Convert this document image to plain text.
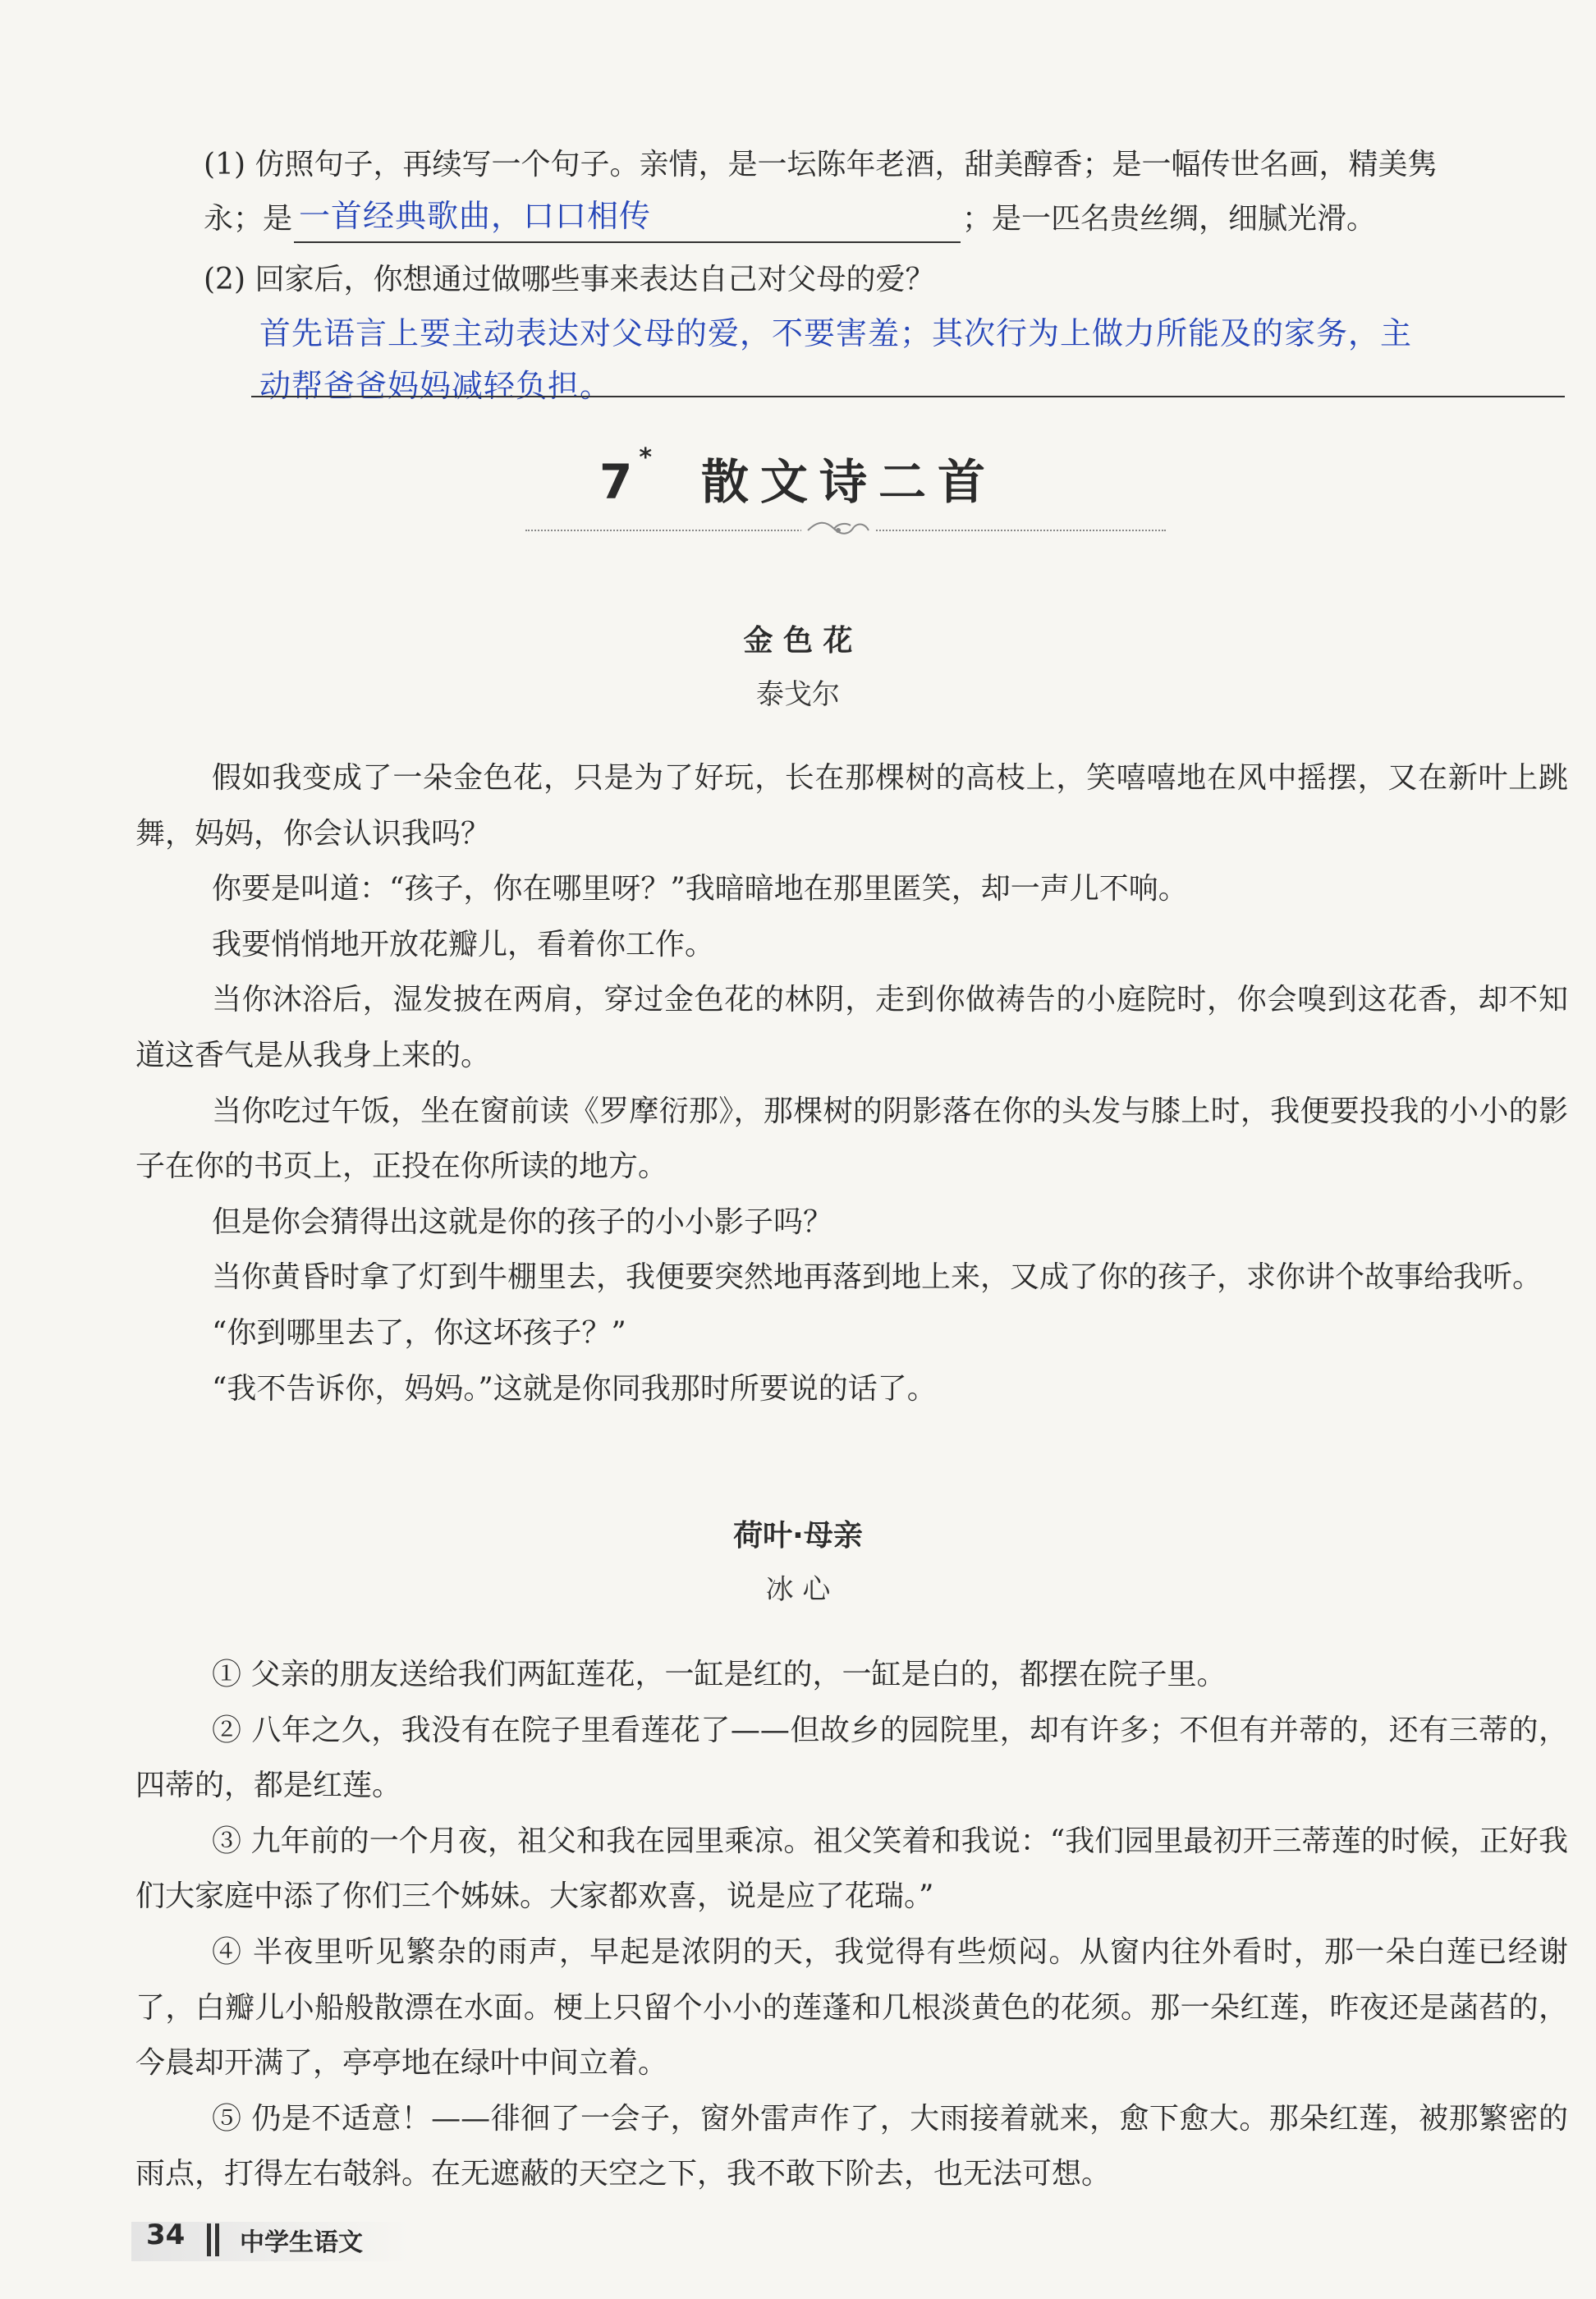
(1) 仿照句子，再续写一个句子。亲情，是一坛陈年老酒，甜美醇香；是一幅传世名画，精美隽
永；是 一首经典歌曲，口口相传	；是一匹名贵丝绸，细腻光滑。
(2) 回家后，你想通过做哪些事来表达自己对父母的爱？
首先语言上要主动表达对父母的爱，不要害羞；其次行为上做力所能及的家务，主
动帮爸爸妈妈减轻负担。
7* 散文诗二首
金 色 花
泰戈尔

假如我变成了一朵金色花，只是为了好玩，长在那棵树的高枝上，笑嘻嘻地在风中摇摆，又在新叶上跳舞，妈妈，你会认识我吗？

你要是叫道：“孩子，你在哪里呀？”我暗暗地在那里匿笑，却一声儿不响。

我要悄悄地开放花瓣儿，看着你工作。

当你沐浴后，湿发披在两肩，穿过金色花的林阴，走到你做祷告的小庭院时，你会嗅到这花香，却不知道这香气是从我身上来的。

当你吃过午饭，坐在窗前读《罗摩衍那》，那棵树的阴影落在你的头发与膝上时，我便要投我的小小的影子在你的书页上，正投在你所读的地方。

但是你会猜得出这就是你的孩子的小小影子吗？

当你黄昏时拿了灯到牛棚里去，我便要突然地再落到地上来，又成了你的孩子，求你讲个故事给我听。

“你到哪里去了，你这坏孩子？”

“我不告诉你，妈妈。”这就是你同我那时所要说的话了。

荷叶·母亲
冰 心

① 父亲的朋友送给我们两缸莲花，一缸是红的，一缸是白的，都摆在院子里。

② 八年之久，我没有在院子里看莲花了——但故乡的园院里，却有许多；不但有并蒂的，还有三蒂的，四蒂的，都是红莲。

③ 九年前的一个月夜，祖父和我在园里乘凉。祖父笑着和我说：“我们园里最初开三蒂莲的时候，正好我们大家庭中添了你们三个姊妹。大家都欢喜，说是应了花瑞。”

④ 半夜里听见繁杂的雨声，早起是浓阴的天，我觉得有些烦闷。从窗内往外看时，那一朵白莲已经谢了，白瓣儿小船般散漂在水面。梗上只留个小小的莲蓬和几根淡黄色的花须。那一朵红莲，昨夜还是菡萏的，今晨却开满了，亭亭地在绿叶中间立着。

⑤ 仍是不适意！——徘徊了一会子，窗外雷声作了，大雨接着就来，愈下愈大。那朵红莲，被那繁密的雨点，打得左右攲斜。在无遮蔽的天空之下，我不敢下阶去，也无法可想。

34 中学生语文
